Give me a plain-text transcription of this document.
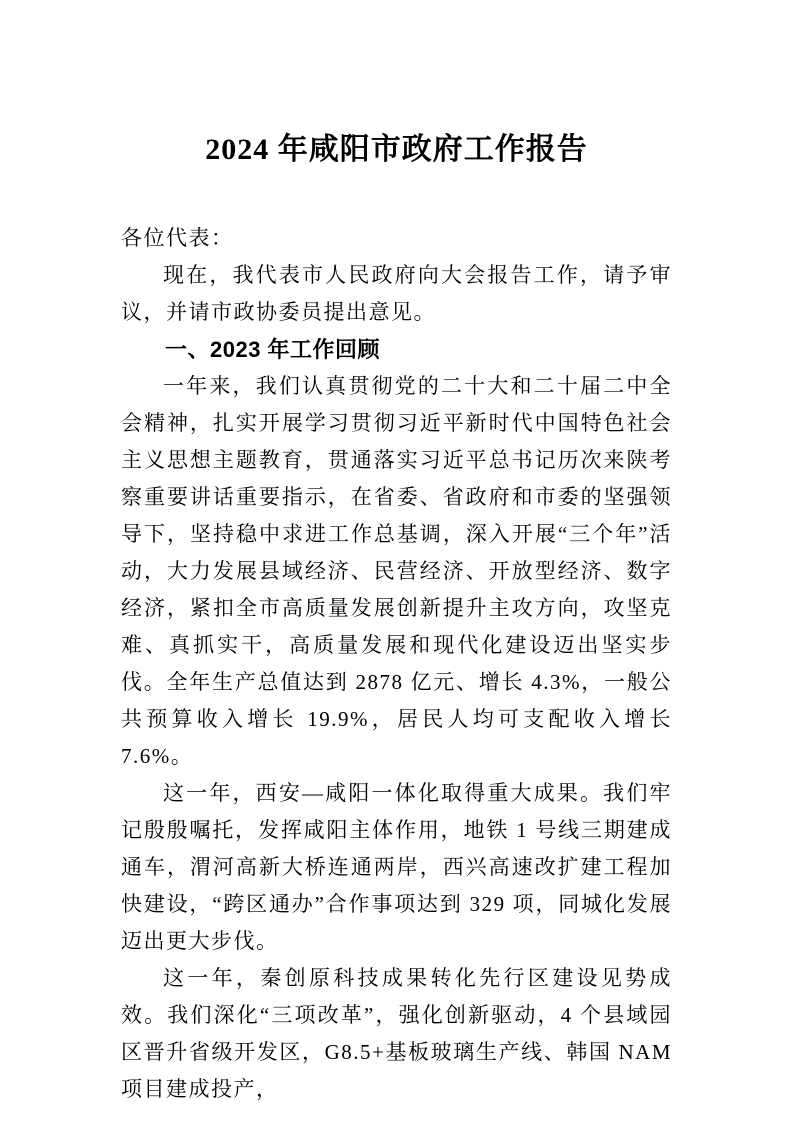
2024 年咸阳市政府工作报告

各位代表：

现在，我代表市人民政府向大会报告工作，请予审议，并请市政协委员提出意见。

一、2023 年工作回顾

一年来，我们认真贯彻党的二十大和二十届二中全会精神，扎实开展学习贯彻习近平新时代中国特色社会主义思想主题教育，贯通落实习近平总书记历次来陕考察重要讲话重要指示，在省委、省政府和市委的坚强领导下，坚持稳中求进工作总基调，深入开展“三个年”活动，大力发展县域经济、民营经济、开放型经济、数字经济，紧扣全市高质量发展创新提升主攻方向，攻坚克难、真抓实干，高质量发展和现代化建设迈出坚实步伐。全年生产总值达到 2878 亿元、增长 4.3%，一般公共预算收入增长 19.9%，居民人均可支配收入增长 7.6%。

这一年，西安—咸阳一体化取得重大成果。我们牢记殷殷嘱托，发挥咸阳主体作用，地铁 1 号线三期建成通车，渭河高新大桥连通两岸，西兴高速改扩建工程加快建设，“跨区通办”合作事项达到 329 项，同城化发展迈出更大步伐。

这一年，秦创原科技成果转化先行区建设见势成效。我们深化“三项改革”，强化创新驱动，4 个县域园区晋升省级开发区，G8.5+基板玻璃生产线、韩国 NAM 项目建成投产，
